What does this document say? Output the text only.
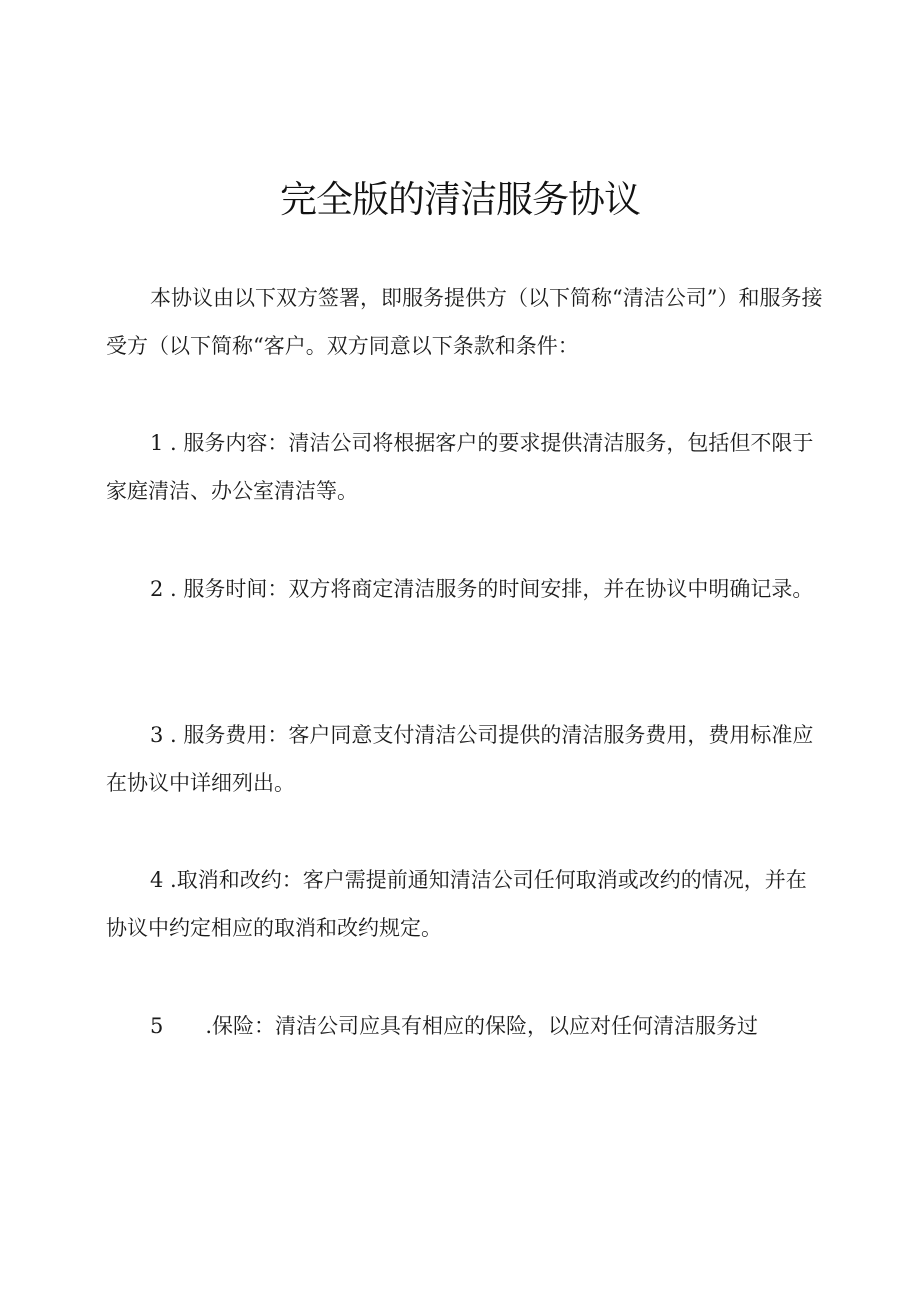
完全版的清洁服务协议

本协议由以下双方签署，即服务提供方（以下简称“清洁公司”）和服务接受方（以下简称“客户。双方同意以下条款和条件：

1 . 服务内容：清洁公司将根据客户的要求提供清洁服务，包括但不限于家庭清洁、办公室清洁等。

2 . 服务时间：双方将商定清洁服务的时间安排，并在协议中明确记录。

3 . 服务费用：客户同意支付清洁公司提供的清洁服务费用，费用标准应在协议中详细列出。

4 .取消和改约：客户需提前通知清洁公司任何取消或改约的情况，并在协议中约定相应的取消和改约规定。

5 .保险：清洁公司应具有相应的保险，以应对任何清洁服务过
